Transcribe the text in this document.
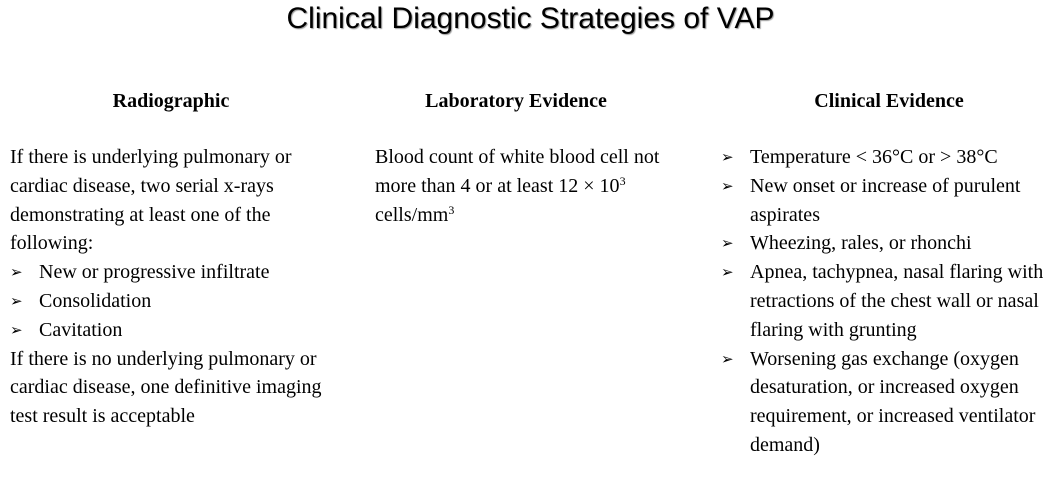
Clinical Diagnostic Strategies of VAP
Radiographic	Laboratory Evidence	Clinical Evidence

If there is underlying pulmonary or cardiac disease, two serial x-rays demonstrating at least one of the following:

➢ New or progressive infiltrate
➢ Consolidation
➢ Cavitation

If there is no underlying pulmonary or cardiac disease, one definitive imaging test result is acceptable

Blood count of white blood cell not more than 4 or at least $12 \times 10^3$ cells/$mm^3$

➢ Temperature < 36°C or > 38°C
➢ New onset or increase of purulent aspirates
➢ Wheezing, rales, or rhonchi
➢ Apnea, tachypnea, nasal flaring with retractions of the chest wall or nasal flaring with grunting
➢ Worsening gas exchange (oxygen desaturation, or increased oxygen requirement, or increased ventilator demand)
